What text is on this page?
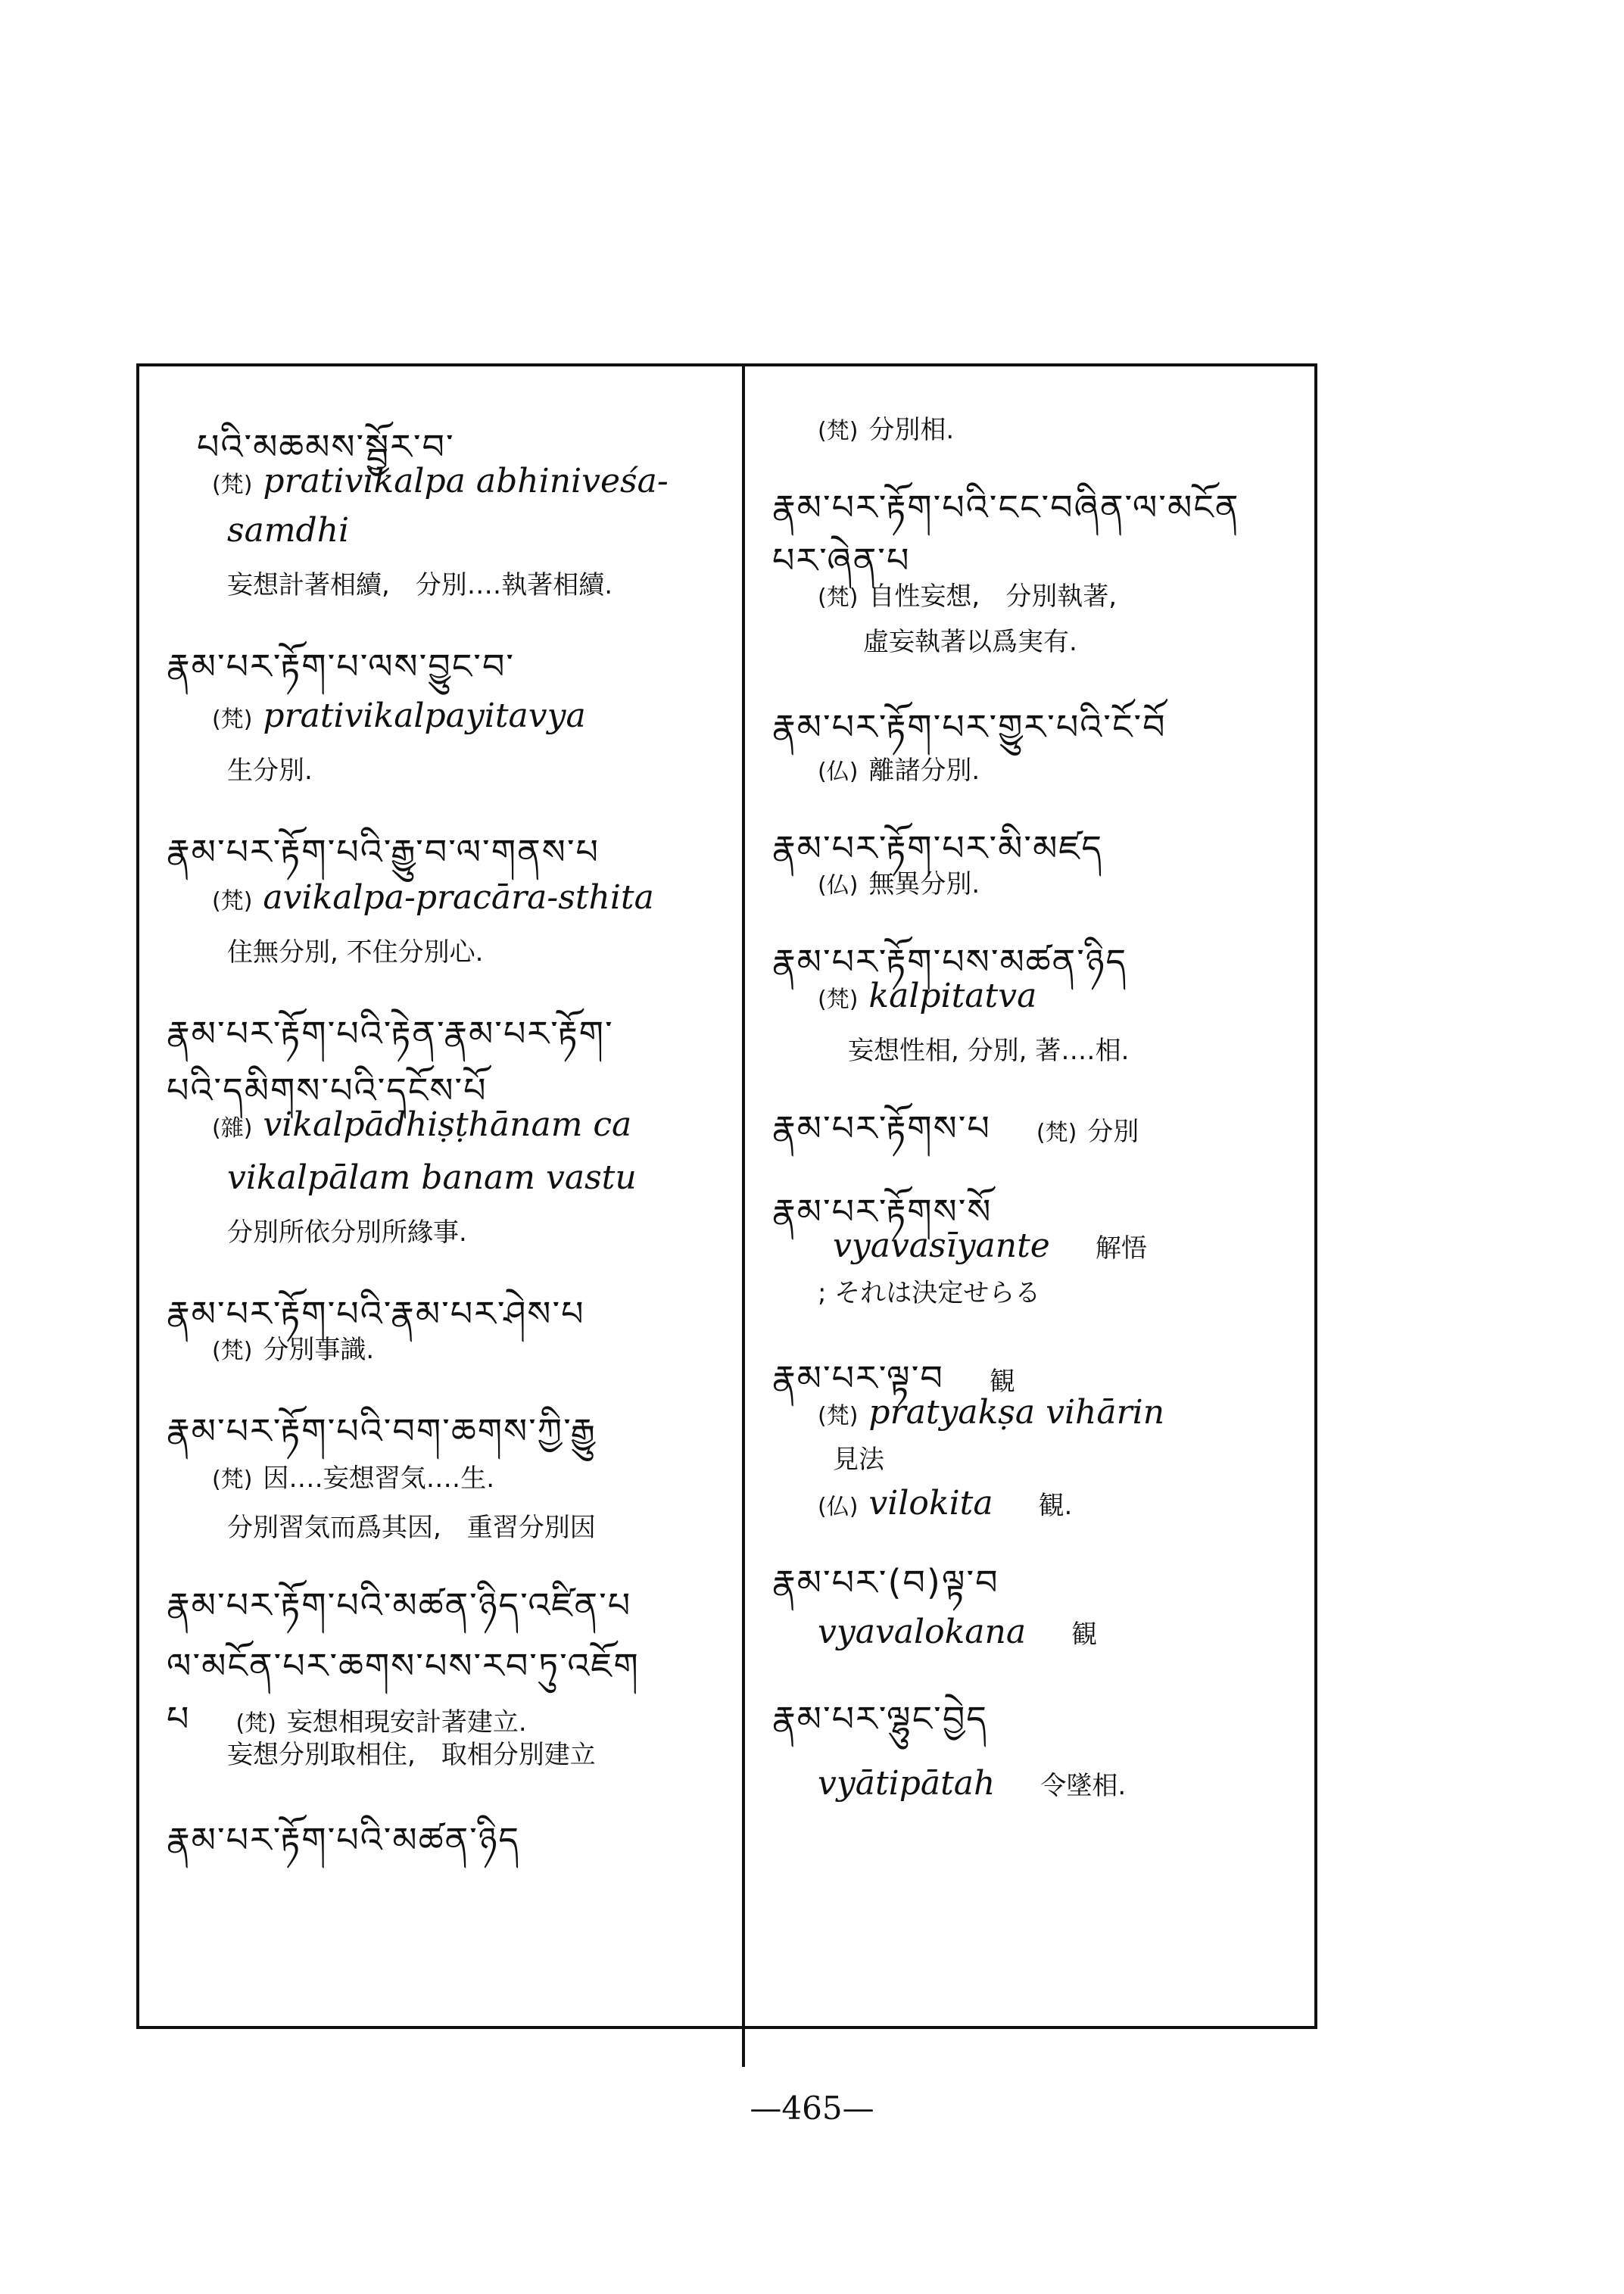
པའི་མཆམས་སྦྱོར་བ་
(梵) prativikalpa abhiniveśa-
samdhi
妄想計著相續,　分別‥‥執著相續.
རྣམ་པར་རྟོག་པ་ལས་བྱུང་བ་
(梵) prativikalpayitavya
生分別.
རྣམ་པར་རྟོག་པའི་རྒྱུ་བ་ལ་གནས་པ
(梵) avikalpa-pracāra-sthita
住無分別, 不住分別心.
རྣམ་པར་རྟོག་པའི་རྟེན་རྣམ་པར་རྟོག་
པའི་དམིགས་པའི་དངོས་པོ
(雜) vikalpādhiṣṭhānam ca
vikalpālam banam vastu
分別所依分別所緣事.
རྣམ་པར་རྟོག་པའི་རྣམ་པར་ཤེས་པ
(梵) 分別事識.
རྣམ་པར་རྟོག་པའི་བག་ཆགས་ཀྱི་རྒྱུ
(梵) 因‥‥妄想習気‥‥生.
分別習気而爲其因,　重習分別因
རྣམ་པར་རྟོག་པའི་མཚན་ཉིད་འཛིན་པ
ལ་མངོན་པར་ཆགས་པས་རབ་ཏུ་འཇོག
པ (梵) 妄想相現安計著建立.
妄想分別取相住,　取相分別建立
རྣམ་པར་རྟོག་པའི་མཚན་ཉིད
(梵) 分別相.
རྣམ་པར་རྟོག་པའི་ངང་བཞིན་ལ་མངོན
པར་ཞེན་པ
(梵) 自性妄想,　分別執著,
虛妄執著以爲実有.
རྣམ་པར་རྟོག་པར་གྱུར་པའི་ངོ་བོ
(仏) 離諸分別.
རྣམ་པར་རྟོག་པར་མི་མཛད
(仏) 無異分別.
རྣམ་པར་རྟོག་པས་མཚན་ཉིད
(梵) kalpitatva
妄想性相, 分別, 著‥‥相.
རྣམ་པར་རྟོགས་པ (梵) 分別
རྣམ་པར་རྟོགས་སོ
vyavasīyante 解悟
; それは決定せらる
རྣམ་པར་ལྟ་བ 観
(梵) pratyakṣa vihārin
見法
(仏) vilokita 観.
རྣམ་པར་(བ)ལྟ་བ
vyavalokana 観
རྣམ་པར་ལྷུང་བྱེད
vyātipātah 令墜相.
—465—
